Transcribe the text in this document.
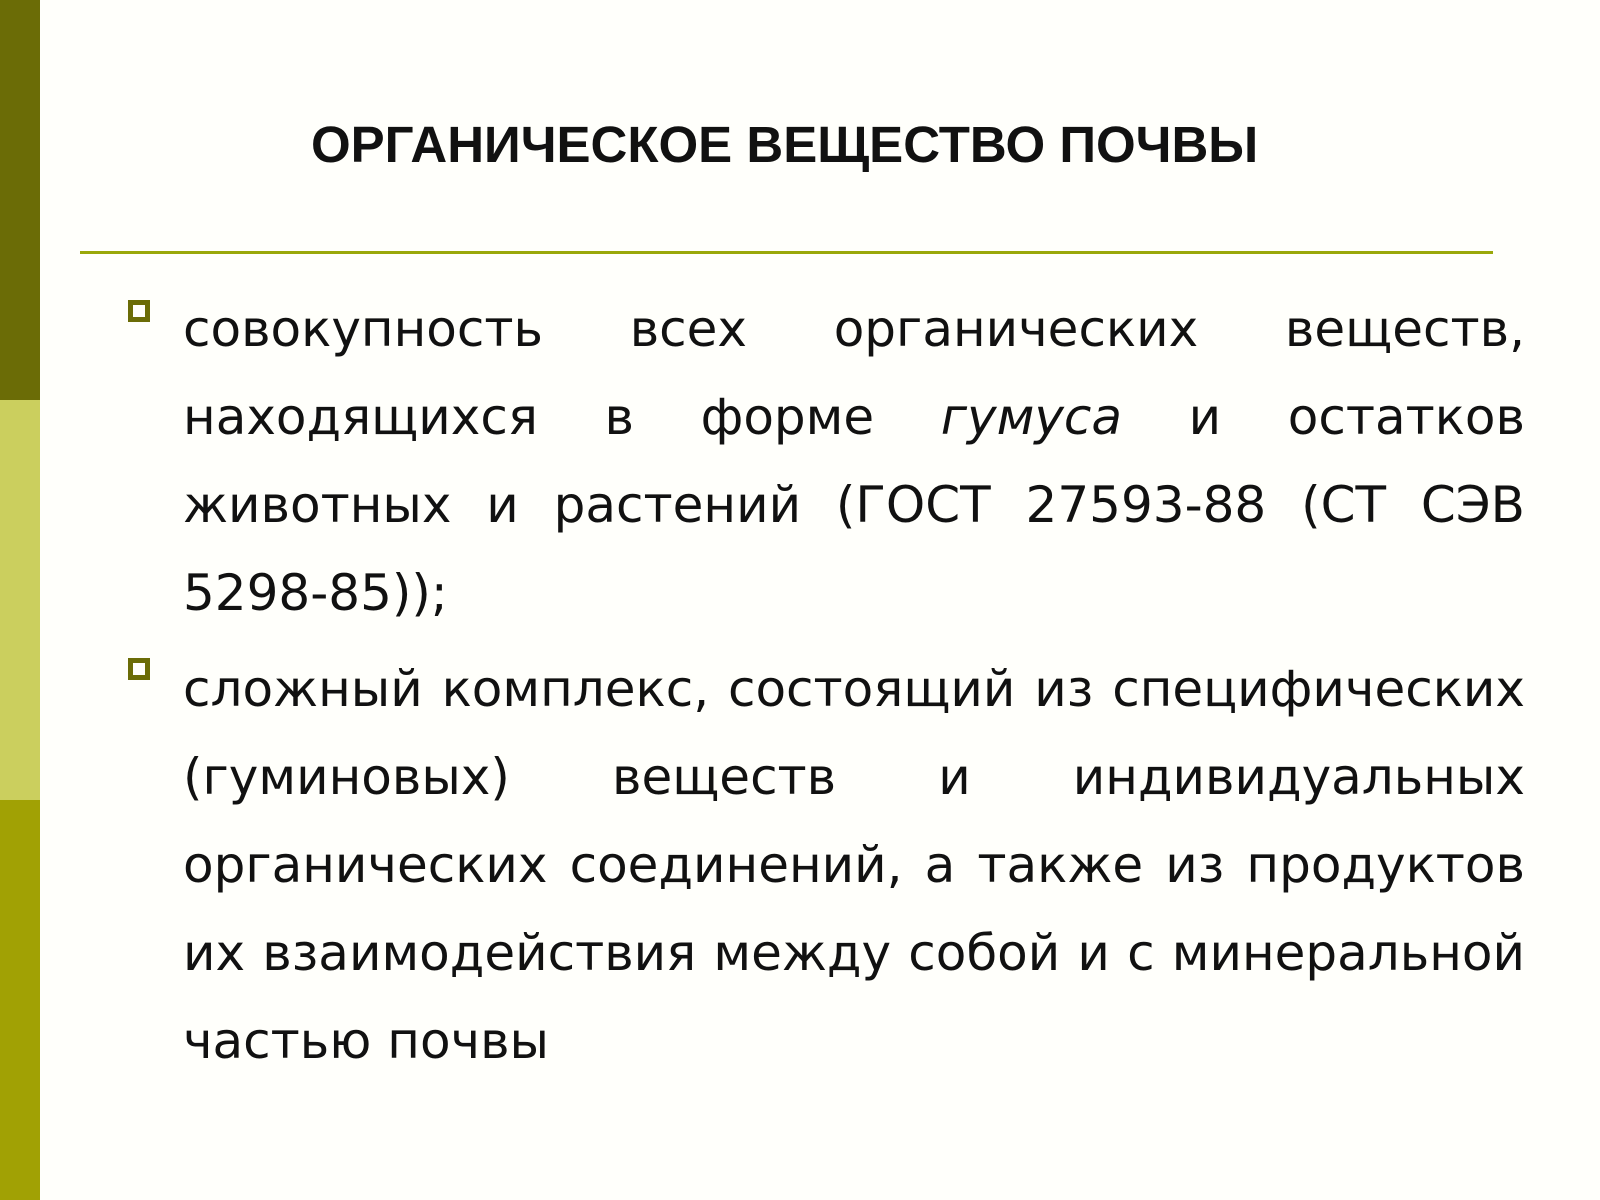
ОРГАНИЧЕСКОЕ ВЕЩЕСТВО ПОЧВЫ
совокупность всех органических веществ, находящихся в форме гумуса и остатков животных и растений (ГОСТ 27593-88 (СТ СЭВ 5298-85));
сложный комплекс, состоящий из специфических (гуминовых) веществ и индивидуальных органических соединений, а также из продуктов их взаимодействия между собой и с минеральной частью почвы
